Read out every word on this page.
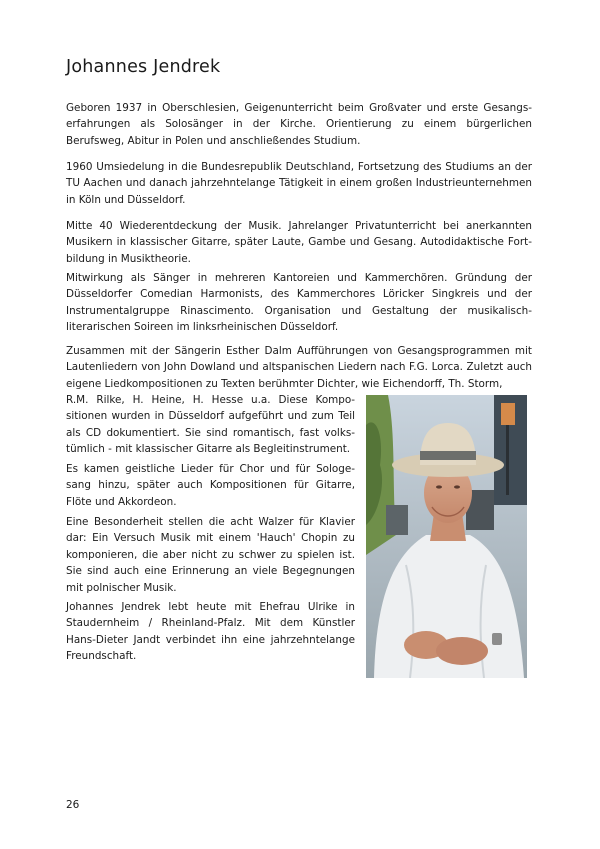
Johannes Jendrek

Geboren 1937 in Oberschlesien, Geigenunterricht beim Großvater und erste Gesangserfahrungen als Solosänger in der Kirche. Orientierung zu einem bürgerlichen Berufsweg, Abitur in Polen und anschließendes Studium.

1960 Umsiedelung in die Bundesrepublik Deutschland, Fortsetzung des Studiums an der TU Aachen und danach jahrzehntelange Tätigkeit in einem großen Industrieunternehmen in Köln und Düsseldorf.

Mitte 40 Wiederentdeckung der Musik. Jahrelanger Privatunterricht bei anerkannten Musikern in klassischer Gitarre, später Laute, Gambe und Gesang. Autodidaktische Fortbildung in Musiktheorie.

Mitwirkung als Sänger in mehreren Kantoreien und Kammerchören. Gründung der Düsseldorfer Comedian Harmonists, des Kammerchores Löricker Singkreis und der Instrumentalgruppe Rinascimento. Organisation und Gestaltung der musikalisch-literarischen Soireen im linksrheinischen Düsseldorf.

Zusammen mit der Sängerin Esther Dalm Aufführungen von Gesangsprogrammen mit Lautenliedern von John Dowland und altspanischen Liedern nach F.G. Lorca. Zuletzt auch eigene Liedkompositionen zu Texten berühmter Dichter, wie Eichendorff, Th. Storm,

R.M. Rilke, H. Heine, H. Hesse u.a. Diese Kompositionen wurden in Düsseldorf aufgeführt und zum Teil als CD dokumentiert. Sie sind romantisch, fast volkstümlich - mit klassischer Gitarre als Begleitinstrument.

Es kamen geistliche Lieder für Chor und für Sologesang hinzu, später auch Kompositionen für Gitarre, Flöte und Akkordeon.

Eine Besonderheit stellen die acht Walzer für Klavier dar: Ein Versuch Musik mit einem 'Hauch' Chopin zu komponieren, die aber nicht zu schwer zu spielen ist. Sie sind auch eine Erinnerung an viele Begegnungen mit polnischer Musik.

Johannes Jendrek lebt heute mit Ehefrau Ulrike in Staudernheim / Rheinland-Pfalz. Mit dem Künstler Hans-Dieter Jandt verbindet ihn eine jahrzehntelange Freundschaft.

26
